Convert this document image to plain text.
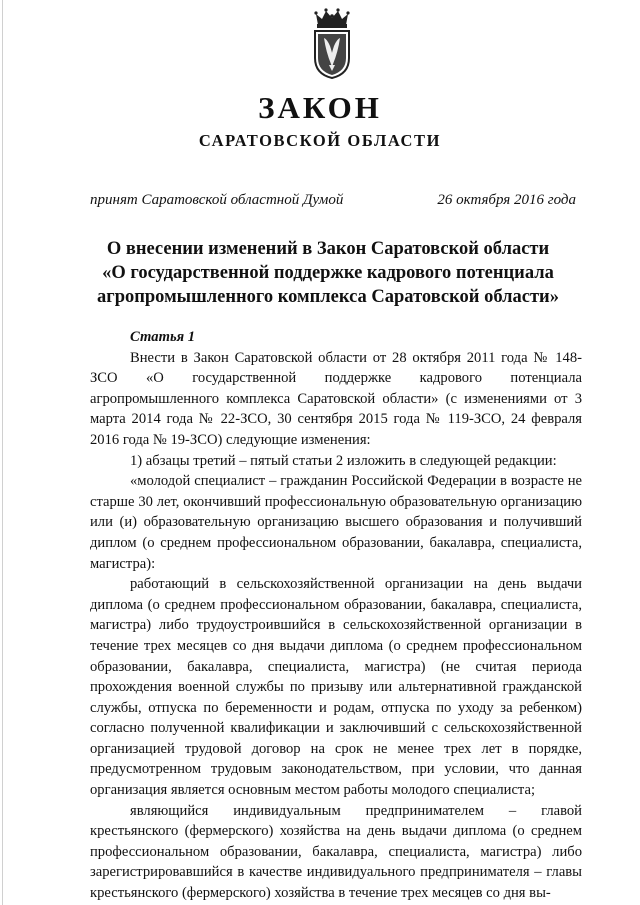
ЗАКОН
САРАТОВСКОЙ ОБЛАСТИ
принят Саратовской областной Думой	26 октября 2016 года
О внесении изменений в Закон Саратовской области
«О государственной поддержке кадрового потенциала
агропромышленного комплекса Саратовской области»

Статья 1

Внести в Закон Саратовской области от 28 октября 2011 года № 148-ЗСО «О государственной поддержке кадрового потенциала агропромышленного комплекса Саратовской области» (с изменениями от 3 марта 2014 года № 22-ЗСО, 30 сентября 2015 года № 119-ЗСО, 24 февраля 2016 года № 19-ЗСО) следующие изменения:

1) абзацы третий – пятый статьи 2 изложить в следующей редакции:

«молодой специалист – гражданин Российской Федерации в возрасте не старше 30 лет, окончивший профессиональную образовательную организацию или (и) образовательную организацию высшего образования и получивший диплом (о среднем профессиональном образовании, бакалавра, специалиста, магистра):

работающий в сельскохозяйственной организации на день выдачи диплома (о среднем профессиональном образовании, бакалавра, специалиста, магистра) либо трудоустроившийся в сельскохозяйственной организации в течение трех месяцев со дня выдачи диплома (о среднем профессиональном образовании, бакалавра, специалиста, магистра) (не считая периода прохождения военной службы по призыву или альтернативной гражданской службы, отпуска по беременности и родам, отпуска по уходу за ребенком) согласно полученной квалификации и заключивший с сельскохозяйственной организацией трудовой договор на срок не менее трех лет в порядке, предусмотренном трудовым законодательством, при условии, что данная организация является основным местом работы молодого специалиста;

являющийся индивидуальным предпринимателем – главой крестьянского (фермерского) хозяйства на день выдачи диплома (о среднем профессиональном образовании, бакалавра, специалиста, магистра) либо зарегистрировавшийся в качестве индивидуального предпринимателя – главы крестьянского (фермерского) хозяйства в течение трех месяцев со дня вы-
